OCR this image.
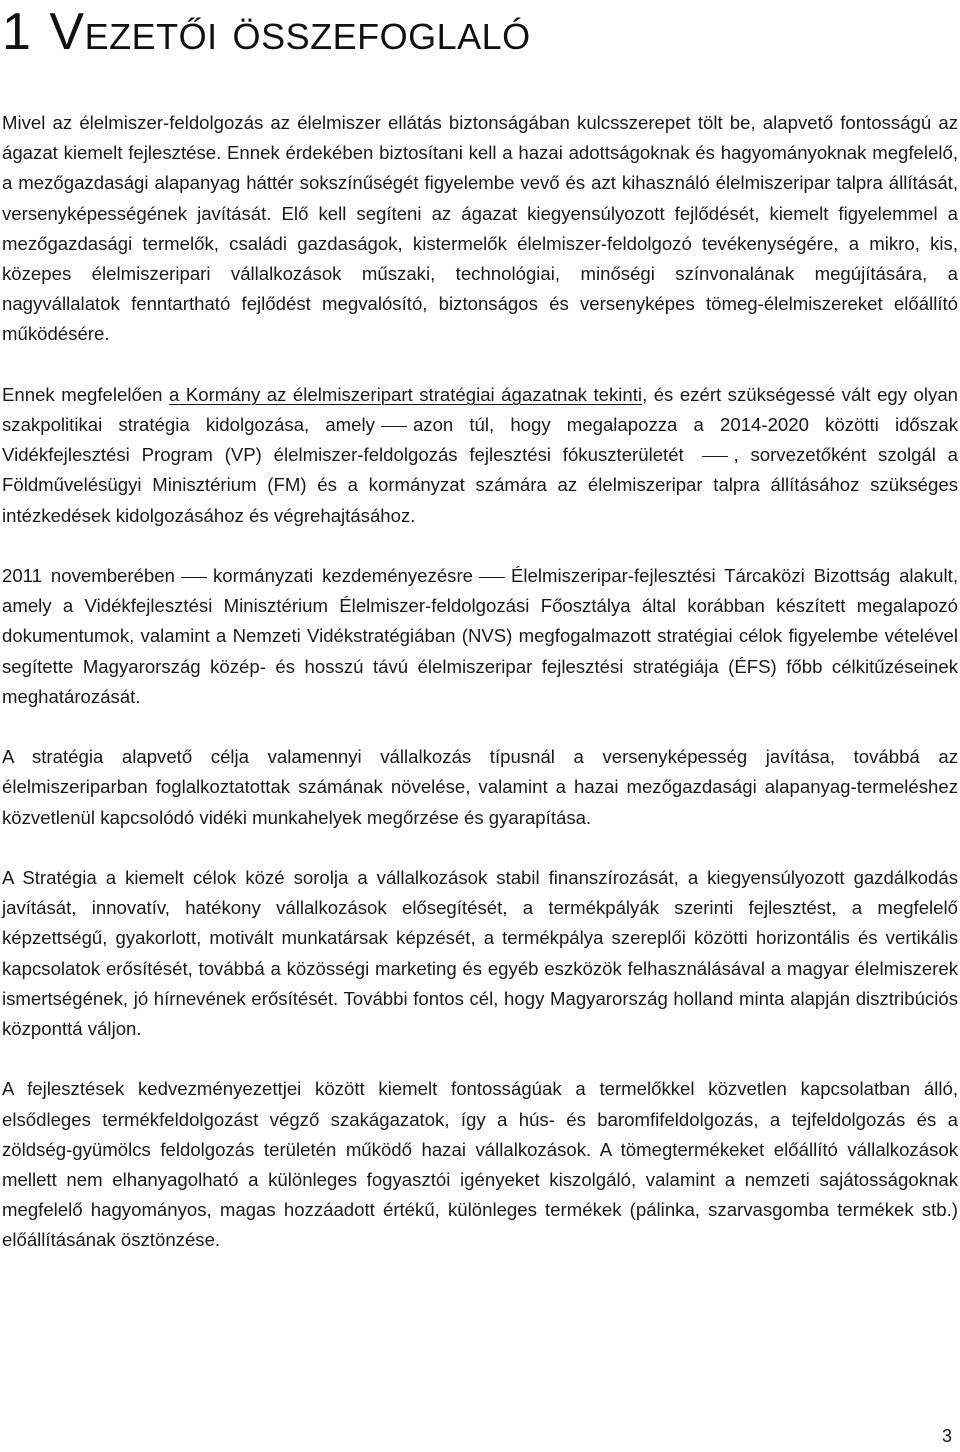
1 Vezetői összefoglaló

Mivel az élelmiszer-feldolgozás az élelmiszer ellátás biztonságában kulcsszerepet tölt be, alapvető fontosságú az ágazat kiemelt fejlesztése. Ennek érdekében biztosítani kell a hazai adottságoknak és hagyományoknak megfelelő, a mezőgazdasági alapanyag háttér sokszínűségét figyelembe vevő és azt kihasználó élelmiszeripar talpra állítását, versenyképességének javítását. Elő kell segíteni az ágazat kiegyensúlyozott fejlődését, kiemelt figyelemmel a mezőgazdasági termelők, családi gazdaságok, kistermelők élelmiszer-feldolgozó tevékenységére, a mikro, kis, közepes élelmiszeripari vállalkozások műszaki, technológiai, minőségi színvonalának megújítására, a nagyvállalatok fenntartható fejlődést megvalósító, biztonságos és versenyképes tömeg-élelmiszereket előállító működésére.

Ennek megfelelően a Kormány az élelmiszeripart stratégiai ágazatnak tekinti, és ezért szükségessé vált egy olyan szakpolitikai stratégia kidolgozása, amely azon túl, hogy megalapozza a 2014-2020 közötti időszak Vidékfejlesztési Program (VP) élelmiszer-feldolgozás fejlesztési fókuszterületét	, sorvezetőként szolgál a Földművelésügyi Minisztérium (FM) és a kormányzat számára az élelmiszeripar talpra állításához szükséges intézkedések kidolgozásához és végrehajtásához.

2011 novemberében kormányzati kezdeményezésre Élelmiszeripar-fejlesztési Tárcaközi Bizottság alakult, amely a Vidékfejlesztési Minisztérium Élelmiszer-feldolgozási Főosztálya által korábban készített megalapozó dokumentumok, valamint a Nemzeti Vidékstratégiában (NVS) megfogalmazott stratégiai célok figyelembe vételével segítette Magyarország közép- és hosszú távú élelmiszeripar fejlesztési stratégiája (ÉFS) főbb célkitűzéseinek meghatározását.

A stratégia alapvető célja valamennyi vállalkozás típusnál a versenyképesség javítása, továbbá az élelmiszeriparban foglalkoztatottak számának növelése, valamint a hazai mezőgazdasági alapanyag-termeléshez közvetlenül kapcsolódó vidéki munkahelyek megőrzése és gyarapítása.

A Stratégia a kiemelt célok közé sorolja a vállalkozások stabil finanszírozását, a kiegyensúlyozott gazdálkodás javítását, innovatív, hatékony vállalkozások elősegítését, a termékpályák szerinti fejlesztést, a megfelelő képzettségű, gyakorlott, motivált munkatársak képzését, a termékpálya szereplői közötti horizontális és vertikális kapcsolatok erősítését, továbbá a közösségi marketing és egyéb eszközök felhasználásával a magyar élelmiszerek ismertségének, jó hírnevének erősítését. További fontos cél, hogy Magyarország holland minta alapján disztribúciós központtá váljon.

A fejlesztések kedvezményezettjei között kiemelt fontosságúak a termelőkkel közvetlen kapcsolatban álló, elsődleges termékfeldolgozást végző szakágazatok, így a hús- és baromfifeldolgozás, a tejfeldolgozás és a zöldség-gyümölcs feldolgozás területén működő hazai vállalkozások. A tömegtermékeket előállító vállalkozások mellett nem elhanyagolható a különleges fogyasztói igényeket kiszolgáló, valamint a nemzeti sajátosságoknak megfelelő hagyományos, magas hozzáadott értékű, különleges termékek (pálinka, szarvasgomba termékek stb.) előállításának ösztönzése.

3
